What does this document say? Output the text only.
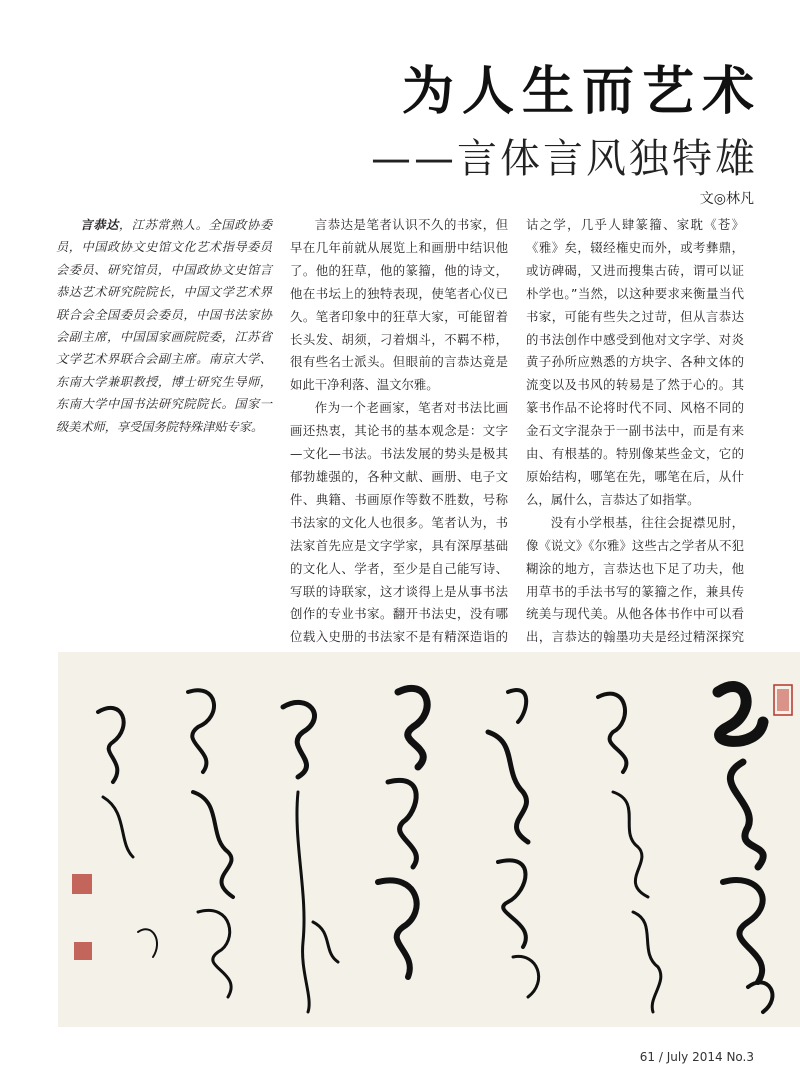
为人生而艺术
——言体言风独特雄
文◎林凡

言恭达，江苏常熟人。全国政协委员，中国政协文史馆文化艺术指导委员会委员、研究馆员，中国政协文史馆言恭达艺术研究院院长，中国文学艺术界联合会全国委员会委员，中国书法家协会副主席，中国国家画院院委，江苏省文学艺术界联合会副主席。南京大学、东南大学兼职教授，博士研究生导师，东南大学中国书法研究院院长。国家一级美术师，享受国务院特殊津贴专家。

言恭达是笔者认识不久的书家，但早在几年前就从展览上和画册中结识他了。他的狂草，他的篆籀，他的诗文，他在书坛上的独特表现，使笔者心仪已久。笔者印象中的狂草大家，可能留着长头发、胡须，刁着烟斗，不羁不栉，很有些名士派头。但眼前的言恭达竟是如此干净利落、温文尔雅。

作为一个老画家，笔者对书法比画画还热衷，其论书的基本观念是：文字—文化—书法。书法发展的势头是极其郁勃雄强的，各种文献、画册、电子文件、典籍、书画原作等数不胜数，号称书法家的文化人也很多。笔者认为，书法家首先应是文字学家，具有深厚基础的文化人、学者，至少是自己能写诗、写联的诗联家，这才谈得上是从事书法创作的专业书家。翻开书法史，没有哪位载入史册的书法家不是有精深造诣的

诂之学，几乎人肆篆籀、家耽《苍》《雅》矣，辍经権史而外，或考彝鼎，或访碑碣，又进而搜集古砖，谓可以证朴学也。”当然，以这种要求来衡量当代书家，可能有些失之过苛，但从言恭达的书法创作中感受到他对文字学、对炎黄子孙所应熟悉的方块字、各种文体的流变以及书风的转易是了然于心的。其篆书作品不论将时代不同、风格不同的金石文字混杂于一副书法中，而是有来由、有根基的。特别像某些金文，它的原始结构，哪笔在先，哪笔在后，从什么，属什么，言恭达了如指掌。

没有小学根基，往往会捉襟见肘，像《说文》《尔雅》这些古之学者从不犯糊涂的地方，言恭达也下足了功夫，他用草书的手法书写的篆籀之作，兼具传统美与现代美。从他各体书作中可以看出，言恭达的翰墨功夫是经过精深探究

61 / July 2014 No.3
